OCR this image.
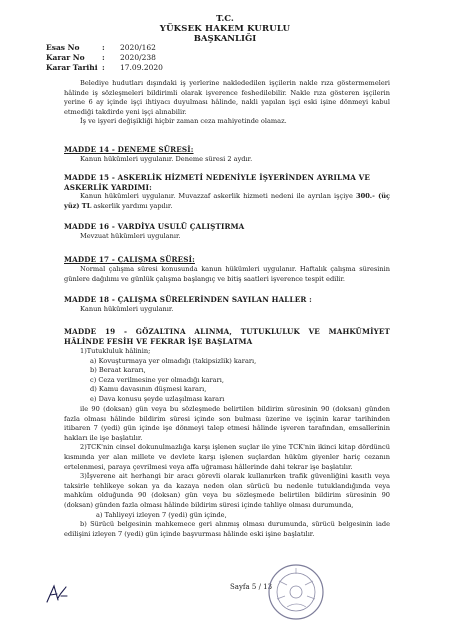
T.C.
YÜKSEK HAKEM KURULU
BAŞKANLIĞI
Esas No	: 2020/162
Karar No : 2020/238
Karar Tarihi : 17.09.2020

Belediye hudutları dışındaki iş yerlerine naklededilen işçilerin nakle rıza göstermemeleri hâlinde iş sözleşmeleri bildirimli olarak işverence feshedilebilir. Nakle rıza gösteren işçilerin yerine 6 ay içinde işçi ihtiyacı duyulması hâlinde, nakli yapılan işçi eski işine dönmeyi kabul etmediği takdirde yeni işçi alınabilir.

İş ve işyeri değişikliği hiçbir zaman ceza mahiyetinde olamaz.

MADDE 14 - DENEME SÜRESİ:

Kanun hükümleri uygulanır. Deneme süresi 2 aydır.

MADDE 15 - ASKERLİK HİZMETİ NEDENİYLE İŞYERİNDEN AYRILMA VE ASKERLİK YARDIMI:

Kanun hükümleri uygulanır. Muvazzaf askerlik hizmeti nedeni ile ayrılan işçiye 300.- (üç yüz) TL askerlik yardımı yapılır.

MADDE 16 - VARDİYA USULÜ ÇALIŞTIRMA

Mevzuat hükümleri uygulanır.

MADDE 17 - ÇALIŞMA SÜRESİ:

Normal çalışma süresi konusunda kanun hükümleri uygulanır. Haftalık çalışma süresinin günlere dağılımı ve günlük çalışma başlangıç ve bitiş saatleri işverence tespit edilir.

MADDE 18 - ÇALIŞMA SÜRELERİNDEN SAYILAN HALLER :

Kanun hükümleri uygulanır.

MADDE 19 - GÖZALTINA ALINMA, TUTUKLULUK VE MAHKÛMİYET HÂLİNDE FESİH VE FEKRAR İŞE BAŞLATMA

1)Tutukluluk hâlinin;

a) Kovuşturmaya yer olmadığı (takipsizlik) kararı,

b) Beraat kararı,

c) Ceza verilmesine yer olmadığı kararı,

d) Kamu davasının düşmesi kararı,

e) Dava konusu şeyde uzlaşılması kararı

ile 90 (doksan) gün veya bu sözleşmede belirtilen bildirim süresinin 90 (doksan) günden fazla olması hâlinde bildirim süresi içinde son bulması üzerine ve işçinin karar tarihinden itibaren 7 (yedi) gün içinde işe dönmeyi talep etmesi hâlinde işveren tarafından, emsallerinin hakları ile işe başlatılır.

2)TCK'nin cinsel dokunulmazlığa karşı işlenen suçlar ile yine TCK'nin ikinci kitap dördüncü kısmında yer alan millete ve devlete karşı işlenen suçlardan hüküm giyenler hariç cezanın ertelenmesi, paraya çevrilmesi veya affa uğraması hâllerinde dahi tekrar işe başlatılır.

3)İşverene ait herhangi bir aracı görevli olarak kullanırken trafik güvenliğini kasıtlı veya taksirle tehlikeye sokan ya da kazaya neden olan sürücü bu nedenle tutuklandığında veya mahkûm olduğunda 90 (doksan) gün veya bu sözleşmede belirtilen bildirim süresinin 90 (doksan) günden fazla olması hâlinde bildirim süresi içinde tahliye olması durumunda,

a) Tahliyeyi izleyen 7 (yedi) gün içinde,

b) Sürücü belgesinin mahkemece geri alınmış olması durumunda, sürücü belgesinin iade edilişini izleyen 7 (yedi) gün içinde başvurması hâlinde eski işine başlatılır.

Sayfa 5 / 13
